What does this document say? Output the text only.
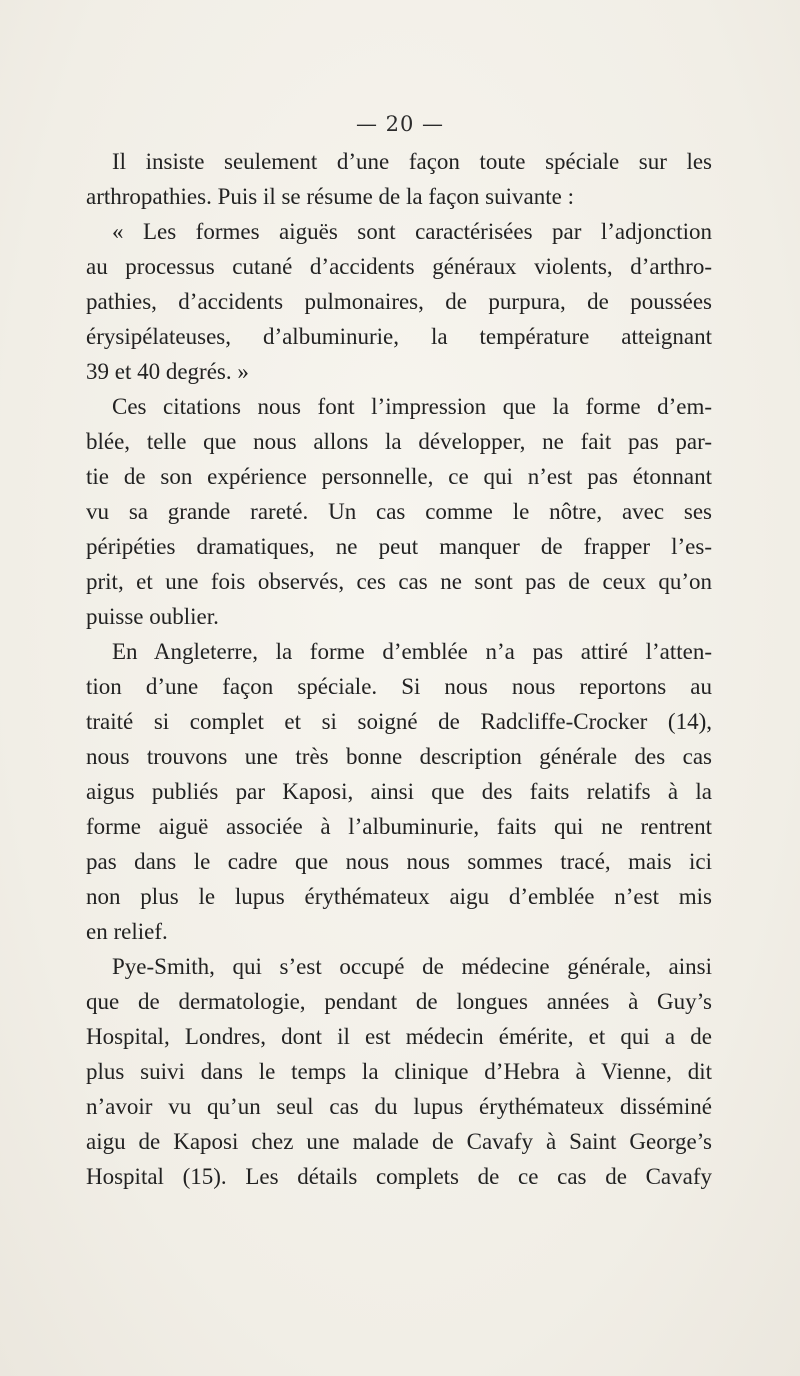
— 20 —
Il insiste seulement d’une façon toute spéciale sur les
arthropathies. Puis il se résume de la façon suivante :
« Les formes aiguës sont caractérisées par l’adjonction
au processus cutané d’accidents généraux violents, d’arthro-
pathies, d’accidents pulmonaires, de purpura, de poussées
érysipélateuses, d’albuminurie, la température atteignant
39 et 40 degrés. »
Ces citations nous font l’impression que la forme d’em-
blée, telle que nous allons la développer, ne fait pas par-
tie de son expérience personnelle, ce qui n’est pas étonnant
vu sa grande rareté. Un cas comme le nôtre, avec ses
péripéties dramatiques, ne peut manquer de frapper l’es-
prit, et une fois observés, ces cas ne sont pas de ceux qu’on
puisse oublier.
En Angleterre, la forme d’emblée n’a pas attiré l’atten-
tion d’une façon spéciale. Si nous nous reportons au
traité si complet et si soigné de Radcliffe-Crocker (14),
nous trouvons une très bonne description générale des cas
aigus publiés par Kaposi, ainsi que des faits relatifs à la
forme aiguë associée à l’albuminurie, faits qui ne rentrent
pas dans le cadre que nous nous sommes tracé, mais ici
non plus le lupus érythémateux aigu d’emblée n’est mis
en relief.
Pye-Smith, qui s’est occupé de médecine générale, ainsi
que de dermatologie, pendant de longues années à Guy’s
Hospital, Londres, dont il est médecin émérite, et qui a de
plus suivi dans le temps la clinique d’Hebra à Vienne, dit
n’avoir vu qu’un seul cas du lupus érythémateux disséminé
aigu de Kaposi chez une malade de Cavafy à Saint George’s
Hospital (15). Les détails complets de ce cas de Cavafy
